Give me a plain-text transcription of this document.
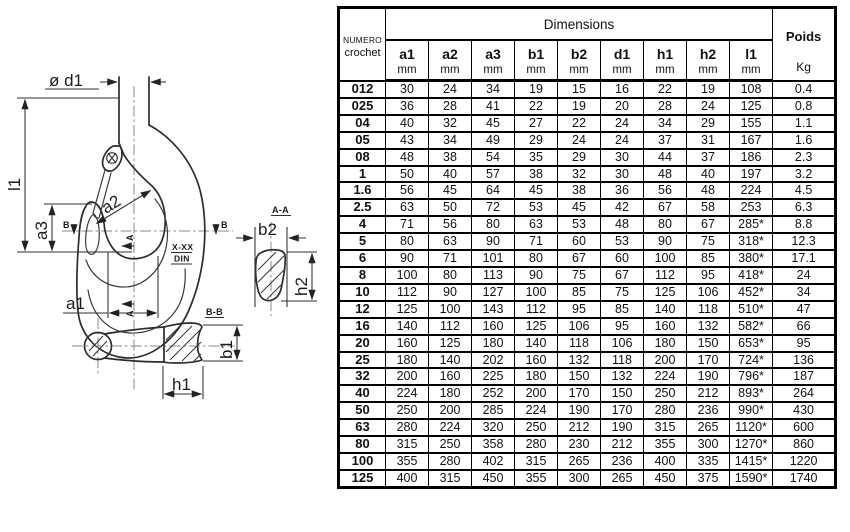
ø d1
l1
a3
a2
a1
A
A
B	B
X-XX
DIN
B-B
b1
h1
A-A
b2
h2
NUMERO
crochet
	Dimensions	
Poids
Kg

a1
mm

a2
mm

a3
mm

b1
mm

b2
mm

d1
mm

h1
mm

h2
mm

l1
mm

012	30	24	34	19	15	16	22	19	108	0.4
025	36	28	41	22	19	20	28	24	125	0.8
04	40	32	45	27	22	24	34	29	155	1.1
05	43	34	49	29	24	24	37	31	167	1.6
08	48	38	54	35	29	30	44	37	186	2.3
1	50	40	57	38	32	30	48	40	197	3.2
1.6	56	45	64	45	38	36	56	48	224	4.5
2.5	63	50	72	53	45	42	67	58	253	6.3
4	71	56	80	63	53	48	80	67	285*	8.8
5	80	63	90	71	60	53	90	75	318*	12.3
6	90	71	101	80	67	60	100	85	380*	17.1
8	100	80	113	90	75	67	112	95	418*	24
10	112	90	127	100	85	75	125	106	452*	34
12	125	100	143	112	95	85	140	118	510*	47
16	140	112	160	125	106	95	160	132	582*	66
20	160	125	180	140	118	106	180	150	653*	95
25	180	140	202	160	132	118	200	170	724*	136
32	200	160	225	180	150	132	224	190	796*	187
40	224	180	252	200	170	150	250	212	893*	264
50	250	200	285	224	190	170	280	236	990*	430
63	280	224	320	250	212	190	315	265	1120*	600
80	315	250	358	280	230	212	355	300	1270*	860
100	355	280	402	315	265	236	400	335	1415*	1220
125	400	315	450	355	300	265	450	375	1590*	1740
